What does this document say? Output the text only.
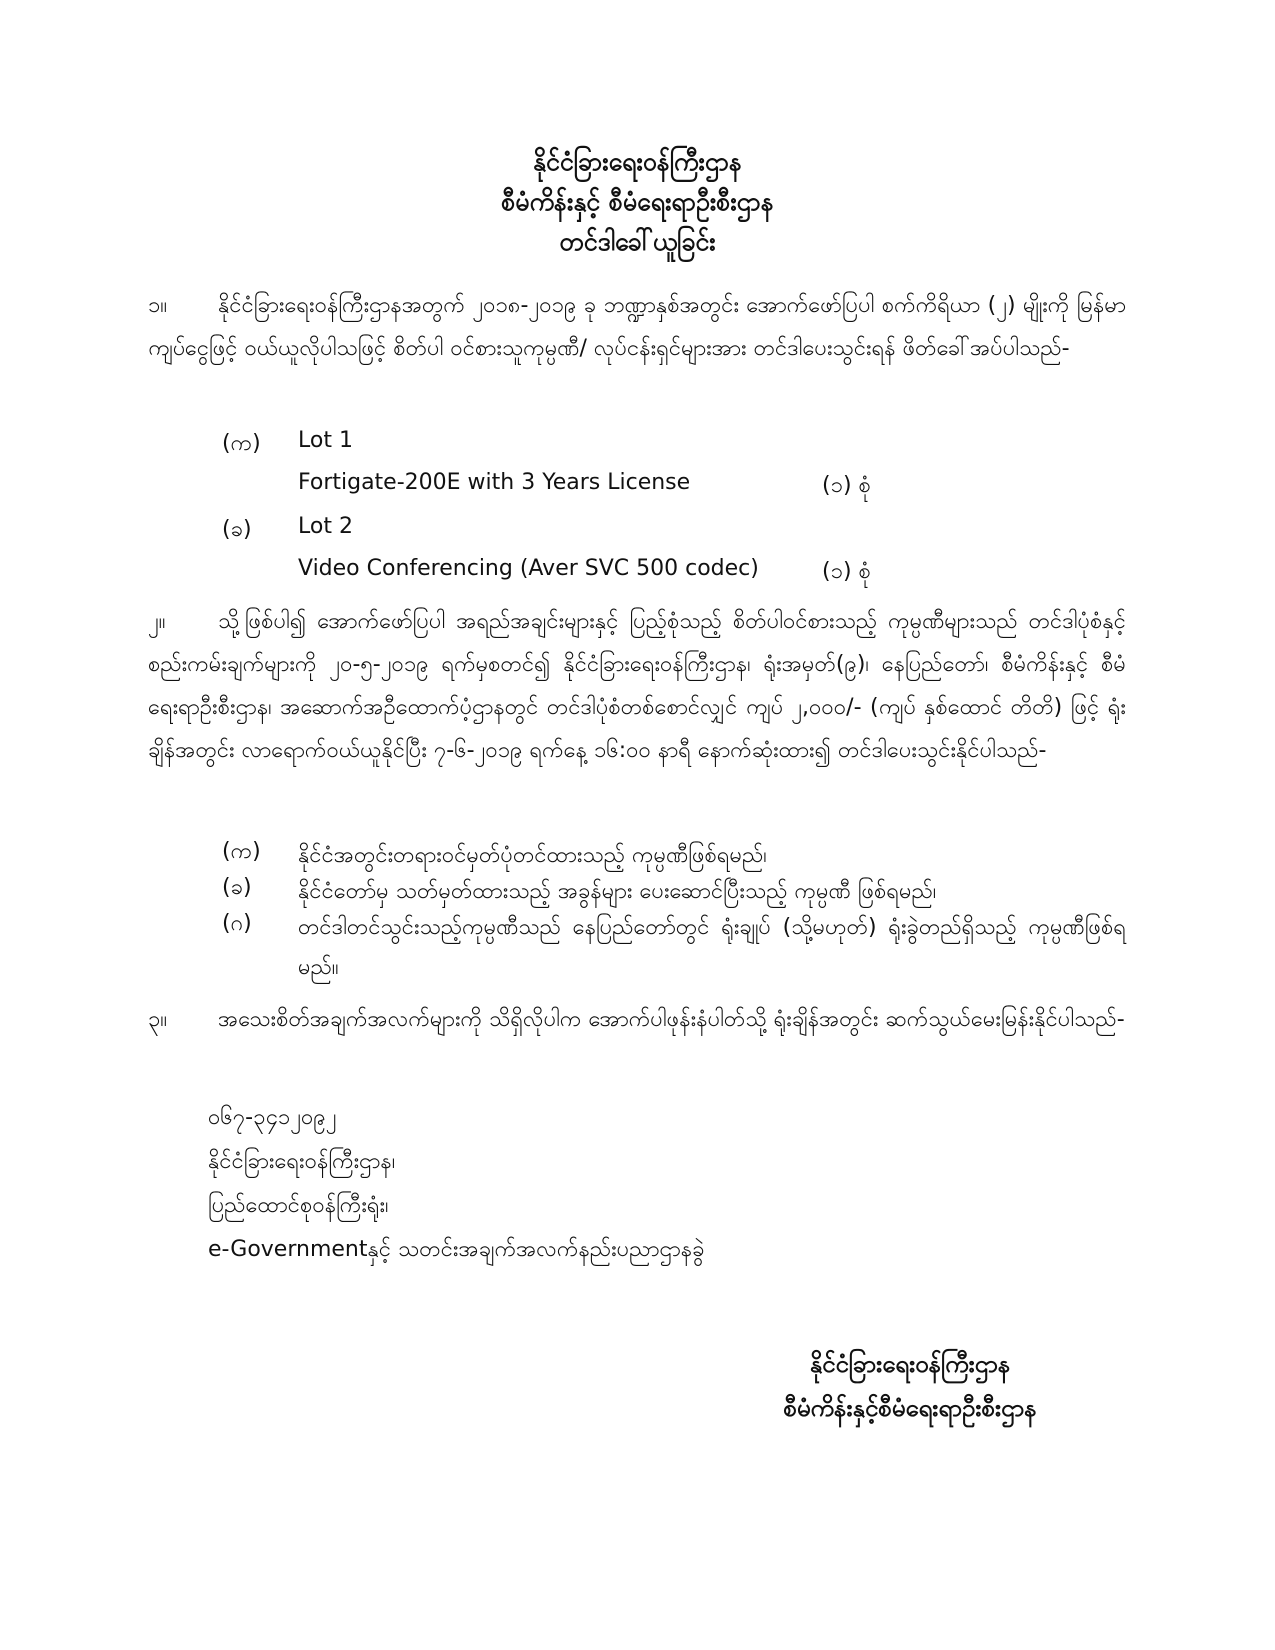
နိုင်ငံခြားရေးဝန်ကြီးဌာန
စီမံကိန်းနှင့် စီမံရေးရာဦးစီးဌာန
တင်ဒါခေါ်ယူခြင်း
၁။ နိုင်ငံခြားရေးဝန်ကြီးဌာနအတွက် ၂၀၁၈-၂၀၁၉ ခု ဘဏ္ဍာနှစ်အတွင်း အောက်ဖော်ပြပါ စက်ကိရိယာ (၂) မျိုးကို မြန်မာကျပ်ငွေဖြင့် ဝယ်ယူလိုပါသဖြင့် စိတ်ပါ ဝင်စားသူကုမ္ပဏီ/ လုပ်ငန်းရှင်များအား တင်ဒါပေးသွင်းရန် ဖိတ်ခေါ်အပ်ပါသည်-
(က) Lot 1
Fortigate-200E with 3 Years License	(၁) စုံ
(ခ) Lot 2
Video Conferencing (Aver SVC 500 codec)	(၁) စုံ
၂။ သို့ဖြစ်ပါ၍ အောက်ဖော်ပြပါ အရည်အချင်းများနှင့် ပြည့်စုံသည့် စိတ်ပါဝင်စားသည့် ကုမ္ပဏီများသည် တင်ဒါပုံစံနှင့် စည်းကမ်းချက်များကို ၂၀-၅-၂၀၁၉ ရက်မှစတင်၍ နိုင်ငံခြားရေးဝန်ကြီးဌာန၊ ရုံးအမှတ်(၉)၊ နေပြည်တော်၊ စီမံကိန်းနှင့် စီမံရေးရာဦးစီးဌာန၊ အဆောက်အဦထောက်ပံ့ဌာနတွင် တင်ဒါပုံစံတစ်စောင်လျှင် ကျပ် ၂,၀၀၀/- (ကျပ် နှစ်ထောင် တိတိ) ဖြင့် ရုံးချိန်အတွင်း လာရောက်ဝယ်ယူနိုင်ပြီး ၇-၆-၂၀၁၉ ရက်နေ့ ၁၆:၀၀ နာရီ နောက်ဆုံးထား၍ တင်ဒါပေးသွင်းနိုင်ပါသည်-
(က) နိုင်ငံအတွင်းတရားဝင်မှတ်ပုံတင်ထားသည့် ကုမ္ပဏီဖြစ်ရမည်၊
(ခ) နိုင်ငံတော်မှ သတ်မှတ်ထားသည့် အခွန်များ ပေးဆောင်ပြီးသည့် ကုမ္ပဏီ ဖြစ်ရမည်၊
(ဂ) တင်ဒါတင်သွင်းသည့်ကုမ္ပဏီသည် နေပြည်တော်တွင် ရုံးချုပ် (သို့မဟုတ်) ရုံးခွဲတည်ရှိသည့် ကုမ္ပဏီဖြစ်ရမည်။
၃။ အသေးစိတ်အချက်အလက်များကို သိရှိလိုပါက အောက်ပါဖုန်းနံပါတ်သို့ ရုံးချိန်အတွင်း ဆက်သွယ်မေးမြန်းနိုင်ပါသည်-
၀၆၇-၃၄၁၂၀၉၂
နိုင်ငံခြားရေးဝန်ကြီးဌာန၊
ပြည်ထောင်စုဝန်ကြီးရုံး၊
e-Governmentနှင့် သတင်းအချက်အလက်နည်းပညာဌာနခွဲ
နိုင်ငံခြားရေးဝန်ကြီးဌာန
စီမံကိန်းနှင့်စီမံရေးရာဦးစီးဌာန
